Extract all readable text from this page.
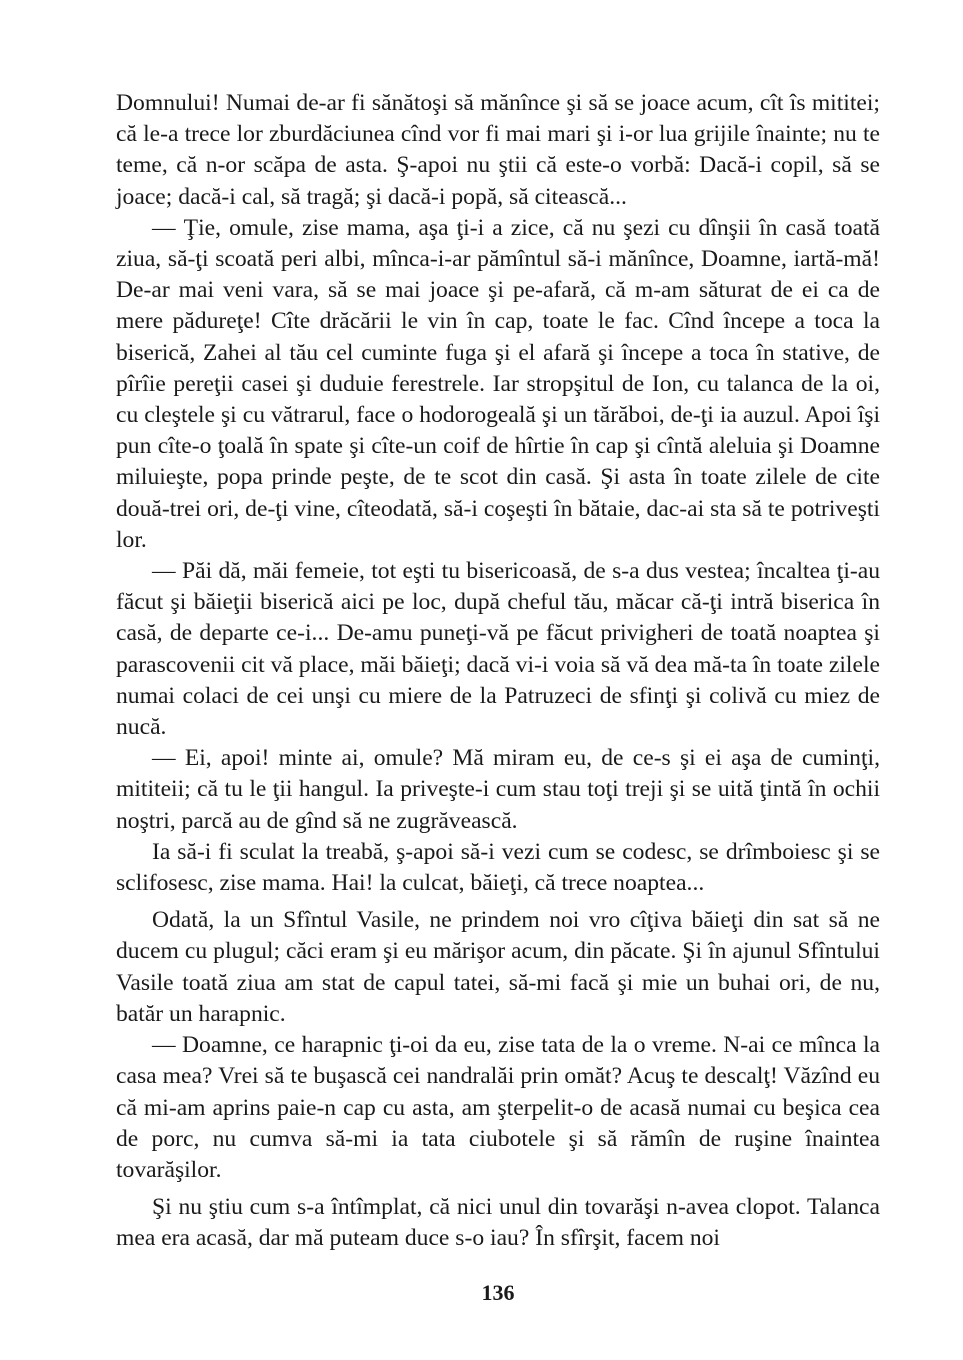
Domnului! Numai de-ar fi sănătoşi să mănînce şi să se joace acum, cît îs mititei; că le-a trece lor zburdăciunea cînd vor fi mai mari şi i-or lua grijile înainte; nu te teme, că n-or scăpa de asta. Ş-apoi nu ştii că este-o vorbă: Dacă-i copil, să se joace; dacă-i cal, să tragă; şi dacă-i popă, să citească...

— Ţie, omule, zise mama, aşa ţi-i a zice, că nu şezi cu dînşii în casă toată ziua, să-ţi scoată peri albi, mînca-i-ar pămîntul să-i mănînce, Doamne, iartă-mă! De-ar mai veni vara, să se mai joace şi pe-afară, că m-am săturat de ei ca de mere pădureţe! Cîte drăcării le vin în cap, toate le fac. Cînd începe a toca la biserică, Zahei al tău cel cuminte fuga şi el afară şi începe a toca în stative, de pîrîie pereţii casei şi duduie ferestrele. Iar stropşitul de Ion, cu talanca de la oi, cu cleştele şi cu vătrarul, face o hodorogeală şi un tărăboi, de-ţi ia auzul. Apoi îşi pun cîte-o ţoală în spate şi cîte-un coif de hîrtie în cap şi cîntă aleluia şi Doamne miluieşte, popa prinde peşte, de te scot din casă. Şi asta în toate zilele de cite două-trei ori, de-ţi vine, cîteodată, să-i coşeşti în bătaie, dac-ai sta să te potriveşti lor.

— Păi dă, măi femeie, tot eşti tu bisericoasă, de s-a dus vestea; încaltea ţi-au făcut şi băieţii biserică aici pe loc, după cheful tău, măcar că-ţi intră biserica în casă, de departe ce-i... De-amu puneţi-vă pe făcut privigheri de toată noaptea şi parascovenii cit vă place, măi băieţi; dacă vi-i voia să vă dea mă-ta în toate zilele numai colaci de cei unşi cu miere de la Patruzeci de sfinţi şi colivă cu miez de nucă.

— Ei, apoi! minte ai, omule? Mă miram eu, de ce-s şi ei aşa de cuminţi, mititeii; că tu le ţii hangul. Ia priveşte-i cum stau toţi treji şi se uită ţintă în ochii noştri, parcă au de gînd să ne zugrăvească.

Ia să-i fi sculat la treabă, ş-apoi să-i vezi cum se codesc, se drîmboiesc şi se sclifosesc, zise mama. Hai! la culcat, băieţi, că trece noaptea...

Odată, la un Sfîntul Vasile, ne prindem noi vro cîţiva băieţi din sat să ne ducem cu plugul; căci eram şi eu mărişor acum, din păcate. Şi în ajunul Sfîntului Vasile toată ziua am stat de capul tatei, să-mi facă şi mie un buhai ori, de nu, batăr un harapnic.

— Doamne, ce harapnic ţi-oi da eu, zise tata de la o vreme. N-ai ce mînca la casa mea? Vrei să te buşască cei nandralăi prin omăt? Acuş te descalţ! Văzînd eu că mi-am aprins paie-n cap cu asta, am şterpelit-o de acasă numai cu beşica cea de porc, nu cumva să-mi ia tata ciubotele şi să rămîn de ruşine înaintea tovarăşilor.

Şi nu ştiu cum s-a întîmplat, că nici unul din tovarăşi n-avea clopot. Talanca mea era acasă, dar mă puteam duce s-o iau? În sfîrşit, facem noi

136
